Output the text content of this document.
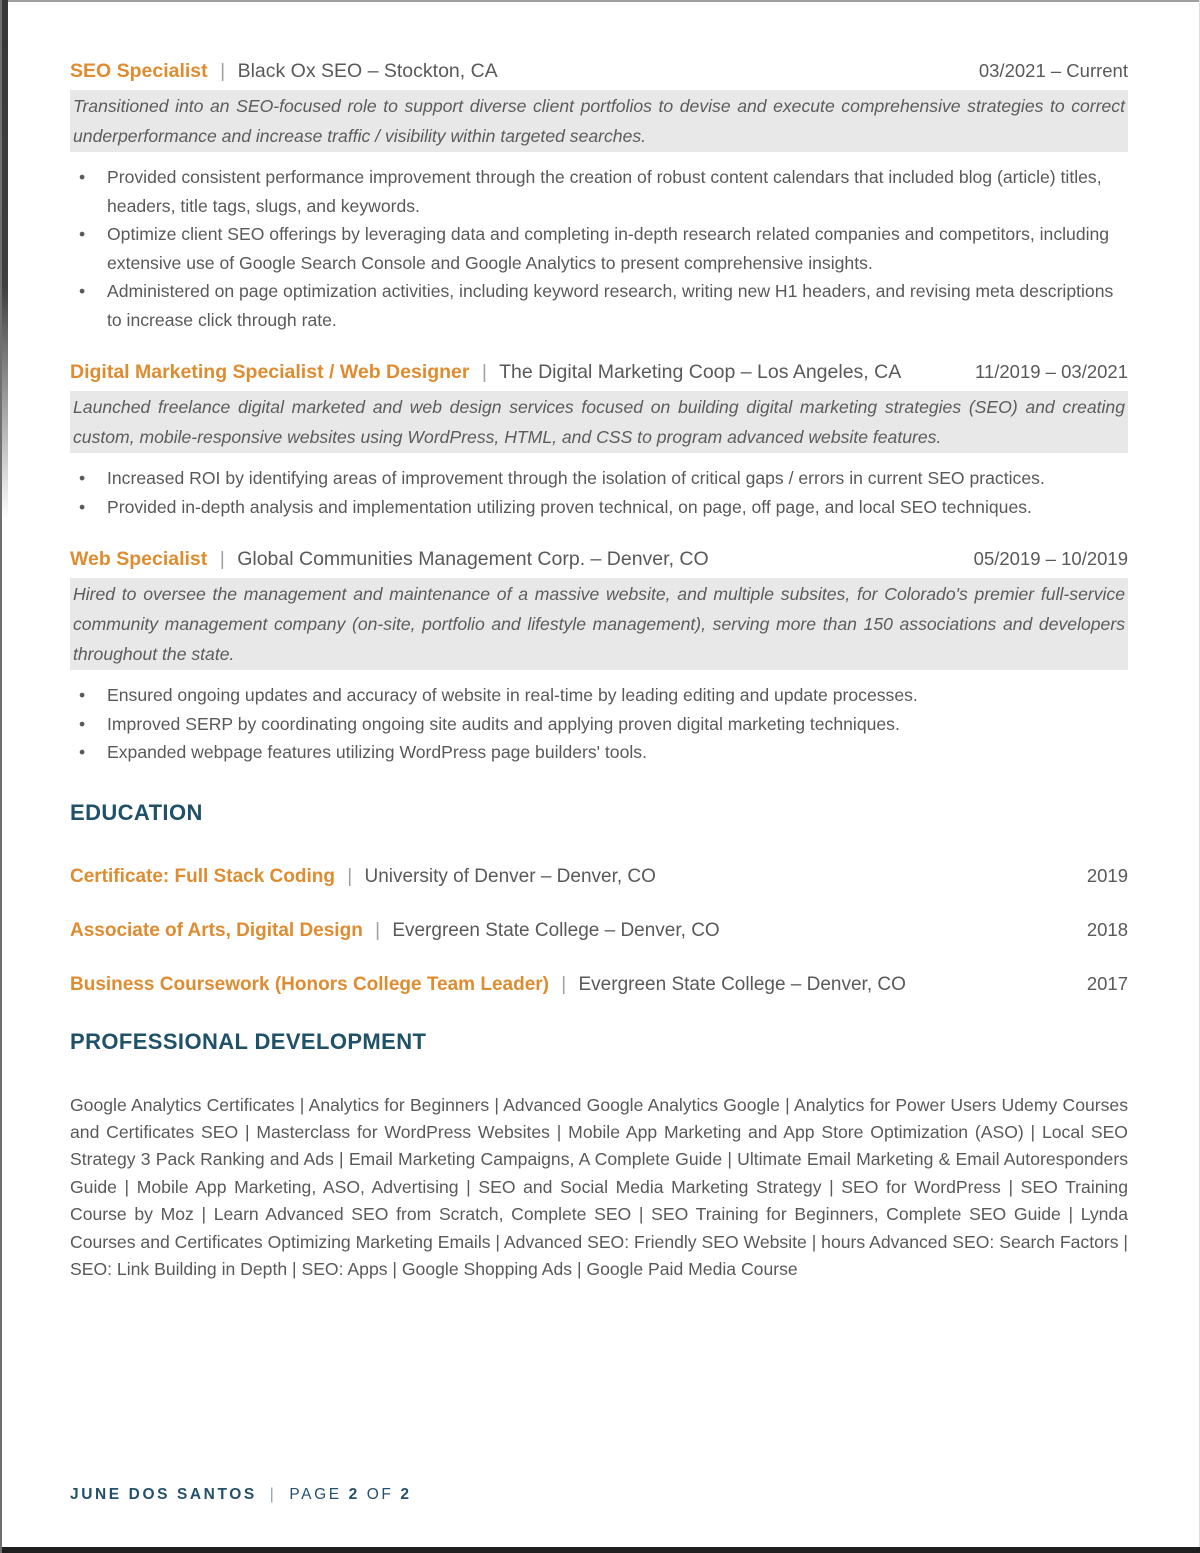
SEO Specialist | Black Ox SEO – Stockton, CA	03/2021 – Current

Transitioned into an SEO-focused role to support diverse client portfolios to devise and execute comprehensive strategies to correct underperformance and increase traffic / visibility within targeted searches.

• Provided consistent performance improvement through the creation of robust content calendars that included blog (article) titles, headers, title tags, slugs, and keywords.
• Optimize client SEO offerings by leveraging data and completing in-depth research related companies and competitors, including extensive use of Google Search Console and Google Analytics to present comprehensive insights.
• Administered on page optimization activities, including keyword research, writing new H1 headers, and revising meta descriptions to increase click through rate.
Digital Marketing Specialist / Web Designer | The Digital Marketing Coop – Los Angeles, CA	11/2019 – 03/2021

Launched freelance digital marketed and web design services focused on building digital marketing strategies (SEO) and creating custom, mobile-responsive websites using WordPress, HTML, and CSS to program advanced website features.

• Increased ROI by identifying areas of improvement through the isolation of critical gaps / errors in current SEO practices.
• Provided in-depth analysis and implementation utilizing proven technical, on page, off page, and local SEO techniques.
Web Specialist | Global Communities Management Corp. – Denver, CO	05/2019 – 10/2019

Hired to oversee the management and maintenance of a massive website, and multiple subsites, for Colorado's premier full-service community management company (on-site, portfolio and lifestyle management), serving more than 150 associations and developers throughout the state.

• Ensured ongoing updates and accuracy of website in real-time by leading editing and update processes.
• Improved SERP by coordinating ongoing site audits and applying proven digital marketing techniques.
• Expanded webpage features utilizing WordPress page builders' tools.
EDUCATION
Certificate: Full Stack Coding | University of Denver – Denver, CO	2019
Associate of Arts, Digital Design | Evergreen State College – Denver, CO	2018
Business Coursework (Honors College Team Leader) | Evergreen State College – Denver, CO	2017
PROFESSIONAL DEVELOPMENT

Google Analytics Certificates | Analytics for Beginners | Advanced Google Analytics Google | Analytics for Power Users Udemy Courses and Certificates SEO | Masterclass for WordPress Websites | Mobile App Marketing and App Store Optimization (ASO) | Local SEO Strategy 3 Pack Ranking and Ads | Email Marketing Campaigns, A Complete Guide | Ultimate Email Marketing & Email Autoresponders Guide | Mobile App Marketing, ASO, Advertising | SEO and Social Media Marketing Strategy | SEO for WordPress | SEO Training Course by Moz | Learn Advanced SEO from Scratch, Complete SEO | SEO Training for Beginners, Complete SEO Guide | Lynda Courses and Certificates Optimizing Marketing Emails | Advanced SEO: Friendly SEO Website | hours Advanced SEO: Search Factors | SEO: Link Building in Depth | SEO: Apps | Google Shopping Ads | Google Paid Media Course

JUNE DOS SANTOS | PAGE 2 OF 2
